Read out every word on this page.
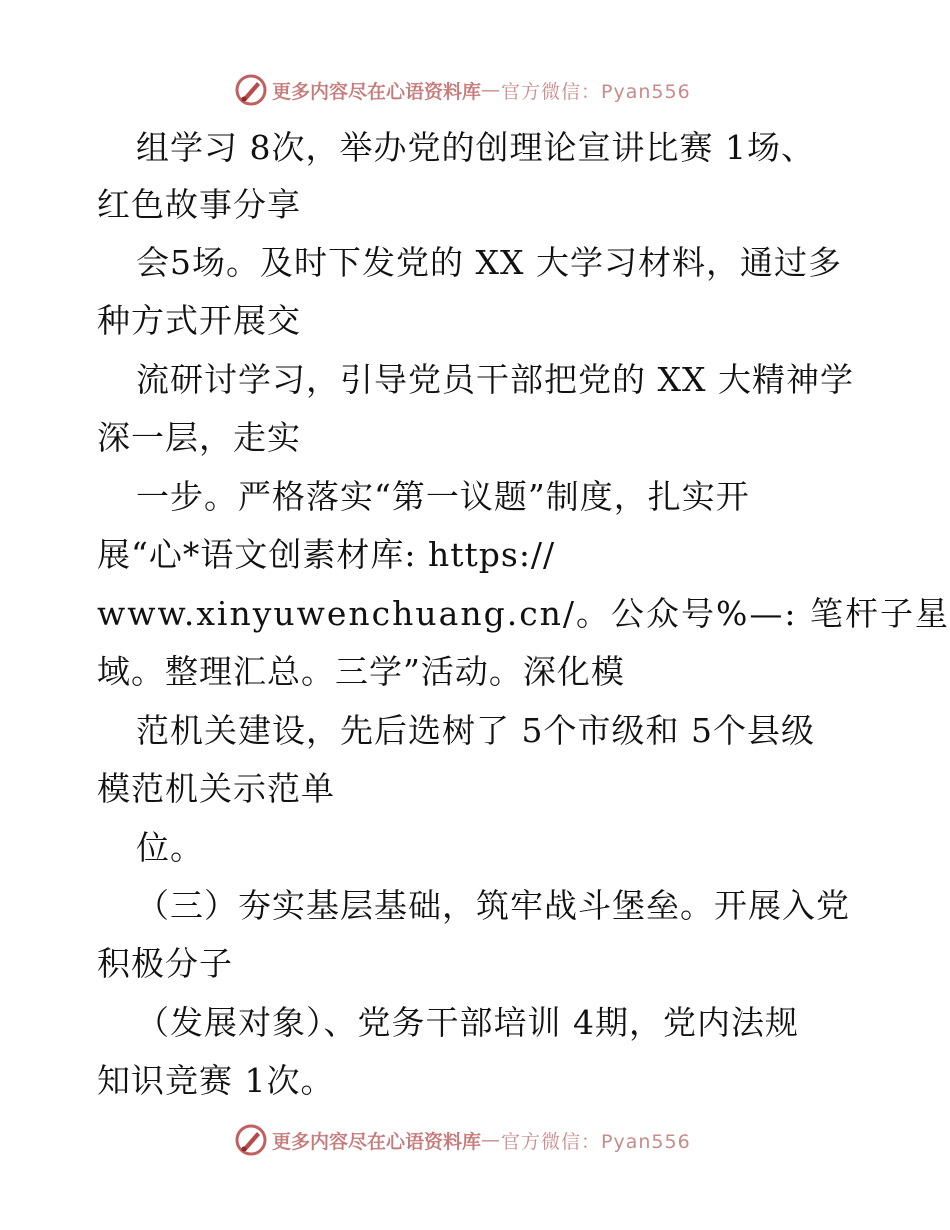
更多内容尽在心语资料库 — 官方微信：Pyan556
组学习 8次，举办党的创理论宣讲比赛 1场、
红色故事分享
会5场。及时下发党的 XX 大学习材料，通过多
种方式开展交
流研讨学习，引导党员干部把党的 XX 大精神学
深一层，走实
一步。严格落实“第一议题”制度，扎实开
展“心*语文创素材库: https://
www.xinyuwenchuang.cn/。公众号%—: 笔杆子星
域。整理汇总。三学”活动。深化模
范机关建设，先后选树了 5个市级和 5个县级
模范机关示范单
位。
（三）夯实基层基础，筑牢战斗堡垒。开展入党
积极分子
（发展对象）、党务干部培训 4期，党内法规
知识竞赛 1次。
更多内容尽在心语资料库 — 官方微信：Pyan556
